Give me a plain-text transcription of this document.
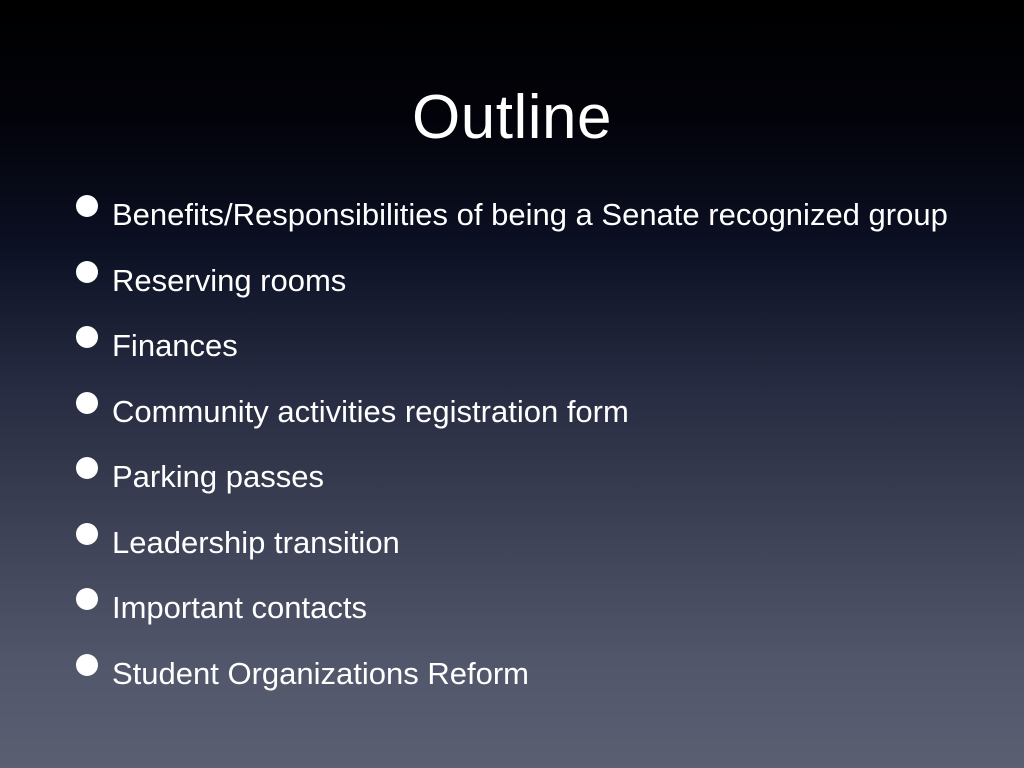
Outline
Benefits/Responsibilities of being a Senate recognized group
Reserving rooms
Finances
Community activities registration form
Parking passes
Leadership transition
Important contacts
Student Organizations Reform
